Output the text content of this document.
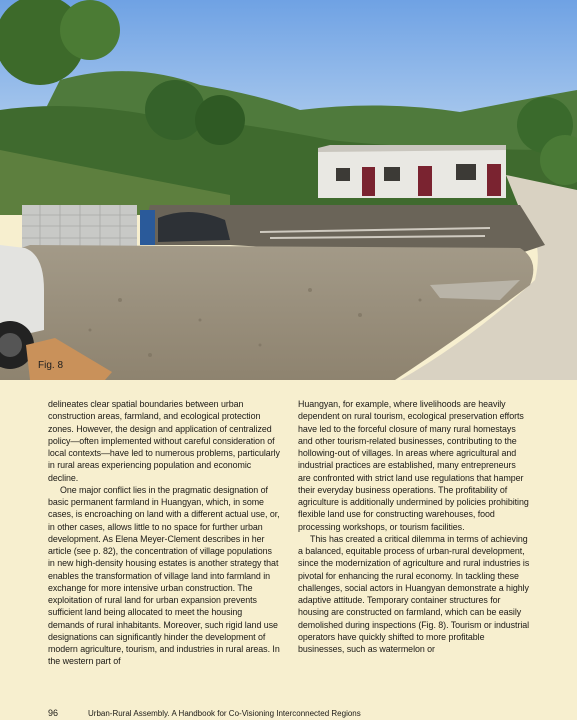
Fig. 8

delineates clear spatial boundaries between urban construction areas, farmland, and ecological protection zones. However, the design and application of centralized policy—often implemented without careful consideration of local contexts—have led to numerous problems, particularly in rural areas experiencing population and economic decline.

One major conflict lies in the pragmatic designation of basic permanent farmland in Huangyan, which, in some cases, is encroaching on land with a different actual use, or, in other cases, allows little to no space for further urban development. As Elena Meyer-Clement describes in her article (see p. 82), the concentration of village populations in new high-density housing estates is another strategy that enables the transformation of village land into farmland in exchange for more intensive urban construction. The exploitation of rural land for urban expansion prevents sufficient land being allocated to meet the housing demands of rural inhabitants. Moreover, such rigid land use designations can significantly hinder the development of modern agriculture, tourism, and industries in rural areas. In the western part of

Huangyan, for example, where livelihoods are heavily dependent on rural tourism, ecological preservation efforts have led to the forceful closure of many rural homestays and other tourism-related businesses, contributing to the hollowing-out of villages. In areas where agricultural and industrial practices are established, many entrepreneurs are confronted with strict land use regulations that hamper their everyday business operations. The profitability of agriculture is additionally undermined by policies prohibiting flexible land use for constructing warehouses, food processing workshops, or tourism facilities.

This has created a critical dilemma in terms of achieving a balanced, equitable process of urban-rural development, since the modernization of agriculture and rural industries is pivotal for enhancing the rural economy. In tackling these challenges, social actors in Huangyan demonstrate a highly adaptive attitude. Temporary container structures for housing are constructed on farmland, which can be easily demolished during inspections (Fig. 8). Tourism or industrial operators have quickly shifted to more profitable businesses, such as watermelon or

96	Urban-Rural Assembly. A Handbook for Co-Visioning Interconnected Regions
